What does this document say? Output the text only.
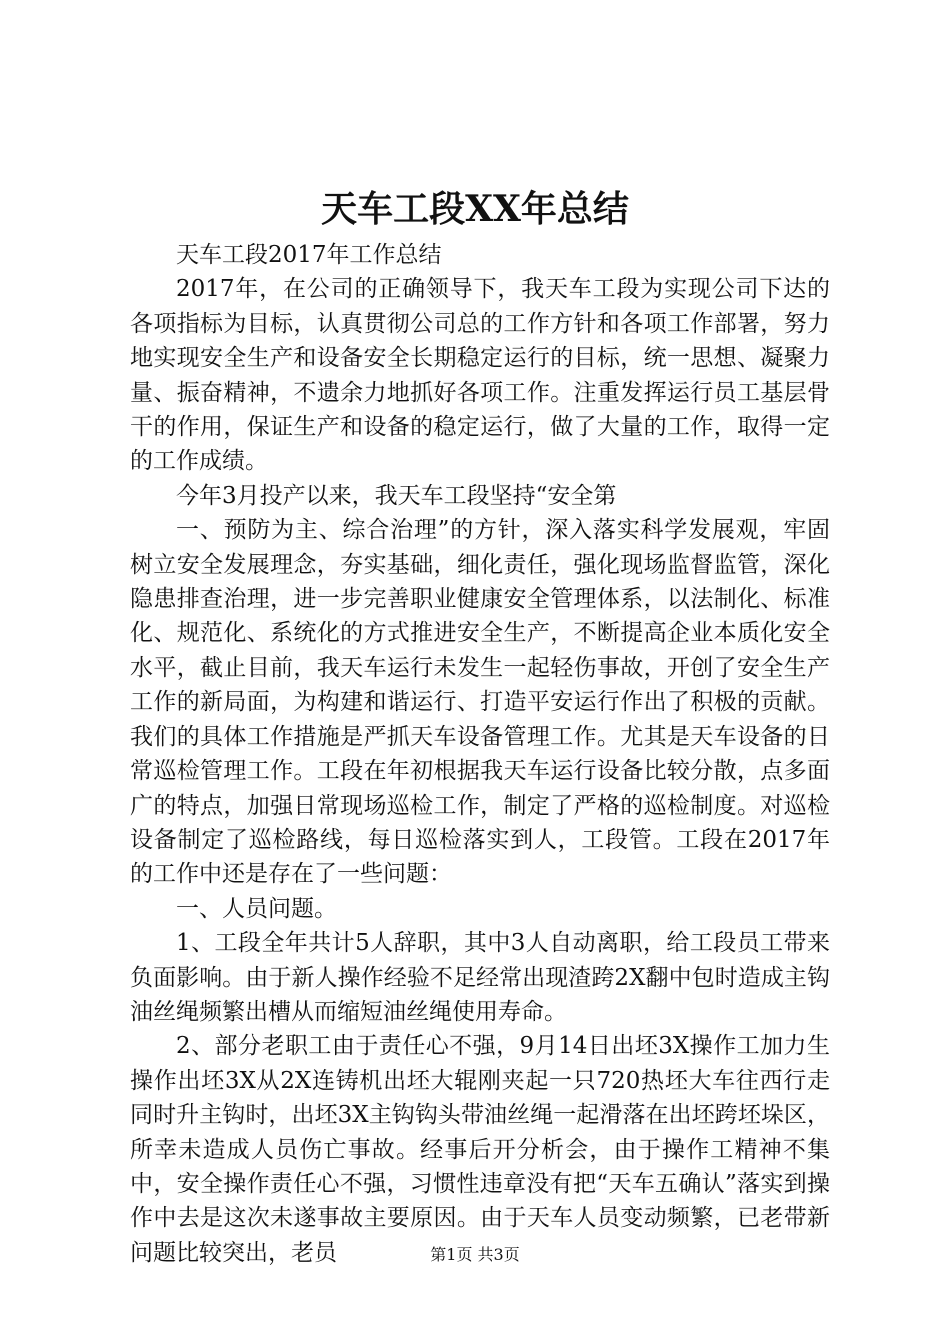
天车工段XX年总结

天车工段2017年工作总结

2017年，在公司的正确领导下，我天车工段为实现公司下达的各项指标为目标，认真贯彻公司总的工作方针和各项工作部署，努力地实现安全生产和设备安全长期稳定运行的目标，统一思想、凝聚力量、振奋精神，不遗余力地抓好各项工作。注重发挥运行员工基层骨干的作用，保证生产和设备的稳定运行，做了大量的工作，取得一定的工作成绩。

今年3月投产以来，我天车工段坚持“安全第

一、预防为主、综合治理”的方针，深入落实科学发展观，牢固树立安全发展理念，夯实基础，细化责任，强化现场监督监管，深化隐患排查治理，进一步完善职业健康安全管理体系，以法制化、标准化、规范化、系统化的方式推进安全生产，不断提高企业本质化安全水平，截止目前，我天车运行未发生一起轻伤事故，开创了安全生产工作的新局面，为构建和谐运行、打造平安运行作出了积极的贡献。我们的具体工作措施是严抓天车设备管理工作。尤其是天车设备的日常巡检管理工作。工段在年初根据我天车运行设备比较分散，点多面广的特点，加强日常现场巡检工作，制定了严格的巡检制度。对巡检设备制定了巡检路线，每日巡检落实到人，工段管。工段在2017年的工作中还是存在了一些问题：

一、人员问题。

1、工段全年共计5人辞职，其中3人自动离职，给工段员工带来负面影响。由于新人操作经验不足经常出现渣跨2X翻中包时造成主钩油丝绳频繁出槽从而缩短油丝绳使用寿命。

2、部分老职工由于责任心不强，9月14日出坯3X操作工加力生操作出坯3X从2X连铸机出坯大辊刚夹起一只720热坯大车往西行走同时升主钩时，出坯3X主钩钩头带油丝绳一起滑落在出坯跨坯垛区，所幸未造成人员伤亡事故。经事后开分析会，由于操作工精神不集中，安全操作责任心不强，习惯性违章没有把“天车五确认”落实到操作中去是这次未遂事故主要原因。由于天车人员变动频繁，已老带新问题比较突出，老员	第1页 共3页
